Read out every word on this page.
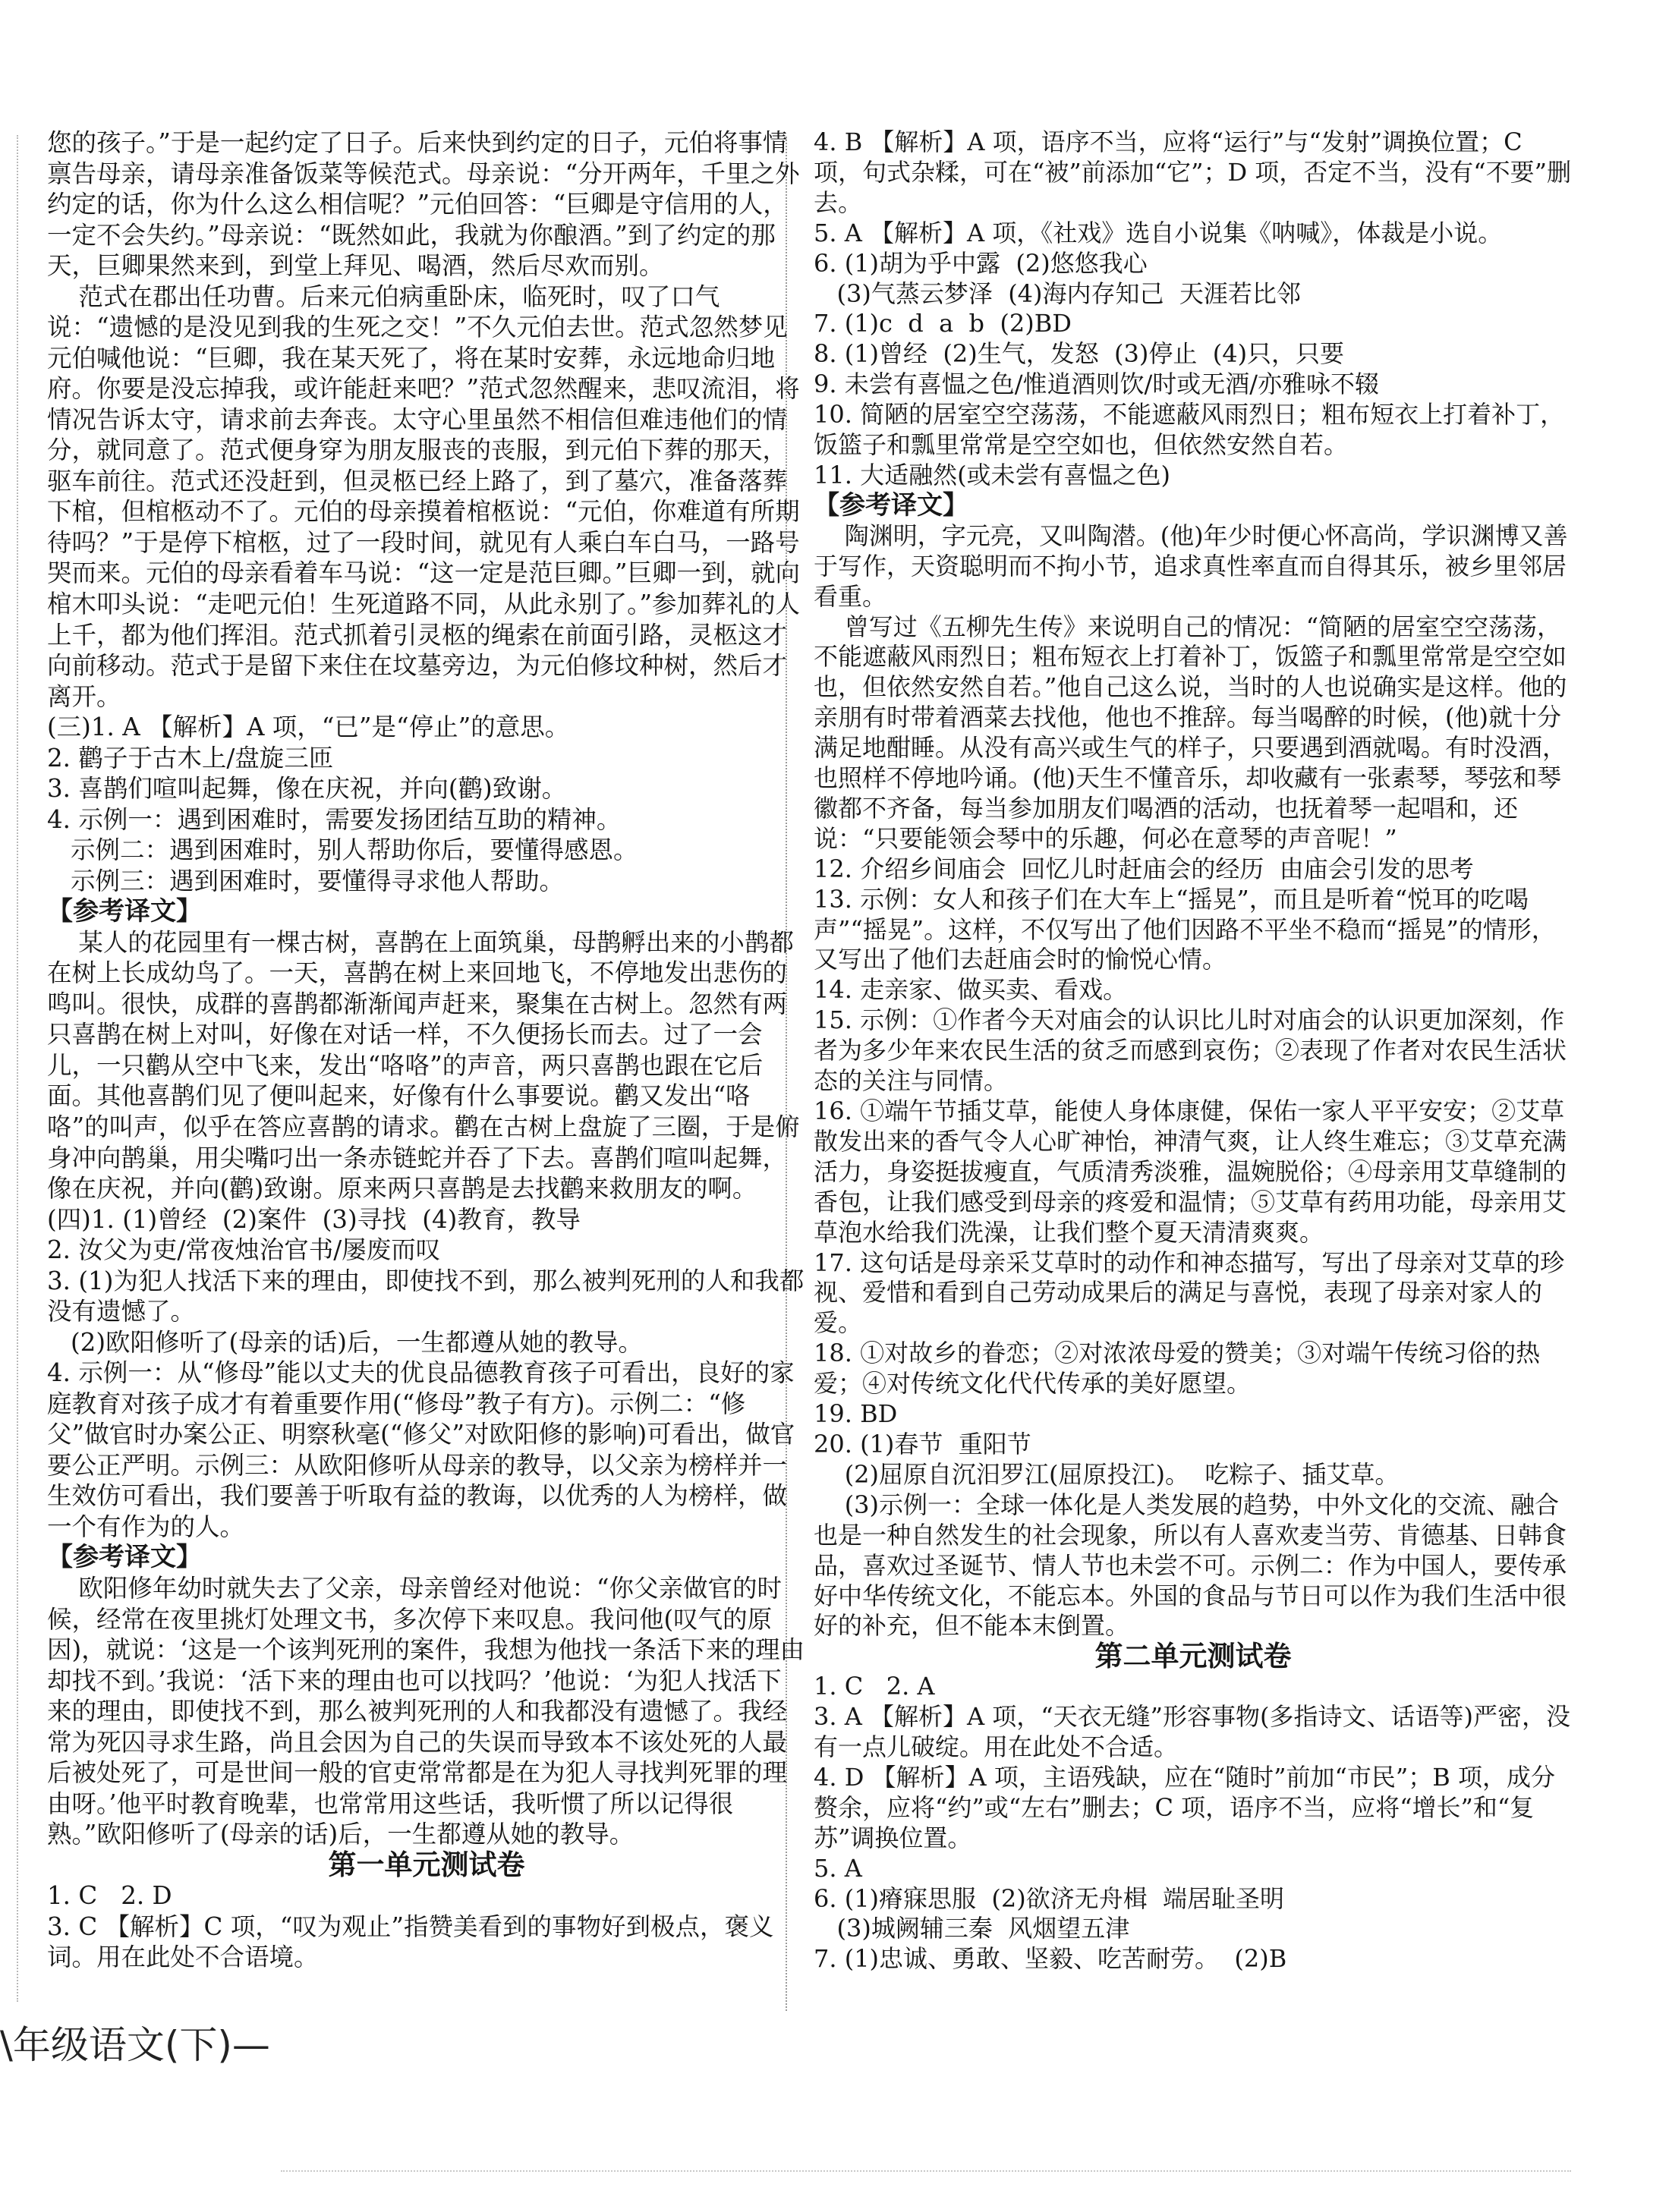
您的孩子。”于是一起约定了日子。后来快到约定的日子，元伯将事情禀告母亲，请母亲准备饭菜等候范式。母亲说：“分开两年，千里之外约定的话，你为什么这么相信呢？”元伯回答：“巨卿是守信用的人，一定不会失约。”母亲说：“既然如此，我就为你酿酒。”到了约定的那天，巨卿果然来到，到堂上拜见、喝酒，然后尽欢而别。

范式在郡出任功曹。后来元伯病重卧床，临死时，叹了口气说：“遗憾的是没见到我的生死之交！”不久元伯去世。范式忽然梦见元伯喊他说：“巨卿，我在某天死了，将在某时安葬，永远地命归地府。你要是没忘掉我，或许能赶来吧？”范式忽然醒来，悲叹流泪，将情况告诉太守，请求前去奔丧。太守心里虽然不相信但难违他们的情分，就同意了。范式便身穿为朋友服丧的丧服，到元伯下葬的那天，驱车前往。范式还没赶到，但灵柩已经上路了，到了墓穴，准备落葬下棺，但棺柩动不了。元伯的母亲摸着棺柩说：“元伯，你难道有所期待吗？”于是停下棺柩，过了一段时间，就见有人乘白车白马，一路号哭而来。元伯的母亲看着车马说：“这一定是范巨卿。”巨卿一到，就向棺木叩头说：“走吧元伯！生死道路不同，从此永别了。”参加葬礼的人上千，都为他们挥泪。范式抓着引灵柩的绳索在前面引路，灵柩这才向前移动。范式于是留下来住在坟墓旁边，为元伯修坟种树，然后才离开。

(三)1. A 【解析】A 项，“已”是“停止”的意思。

2. 鹳子于古木上/盘旋三匝

3. 喜鹊们喧叫起舞，像在庆祝，并向(鹳)致谢。

4. 示例一：遇到困难时，需要发扬团结互助的精神。

示例二：遇到困难时，别人帮助你后，要懂得感恩。

示例三：遇到困难时，要懂得寻求他人帮助。

【参考译文】

某人的花园里有一棵古树，喜鹊在上面筑巢，母鹊孵出来的小鹊都在树上长成幼鸟了。一天，喜鹊在树上来回地飞，不停地发出悲伤的鸣叫。很快，成群的喜鹊都渐渐闻声赶来，聚集在古树上。忽然有两只喜鹊在树上对叫，好像在对话一样，不久便扬长而去。过了一会儿，一只鹳从空中飞来，发出“咯咯”的声音，两只喜鹊也跟在它后面。其他喜鹊们见了便叫起来，好像有什么事要说。鹳又发出“咯咯”的叫声，似乎在答应喜鹊的请求。鹳在古树上盘旋了三圈，于是俯身冲向鹊巢，用尖嘴叼出一条赤链蛇并吞了下去。喜鹊们喧叫起舞，像在庆祝，并向(鹳)致谢。原来两只喜鹊是去找鹳来救朋友的啊。

(四)1. (1)曾经  (2)案件  (3)寻找  (4)教育，教导

2. 汝父为吏/常夜烛治官书/屡废而叹

3. (1)为犯人找活下来的理由，即使找不到，那么被判死刑的人和我都没有遗憾了。

(2)欧阳修听了(母亲的话)后，一生都遵从她的教导。

4. 示例一：从“修母”能以丈夫的优良品德教育孩子可看出，良好的家庭教育对孩子成才有着重要作用(“修母”教子有方)。示例二：“修父”做官时办案公正、明察秋毫(“修父”对欧阳修的影响)可看出，做官要公正严明。示例三：从欧阳修听从母亲的教导，以父亲为榜样并一生效仿可看出，我们要善于听取有益的教诲，以优秀的人为榜样，做一个有作为的人。

【参考译文】

欧阳修年幼时就失去了父亲，母亲曾经对他说：“你父亲做官的时候，经常在夜里挑灯处理文书，多次停下来叹息。我问他(叹气的原因)，就说：‘这是一个该判死刑的案件，我想为他找一条活下来的理由却找不到。’我说：‘活下来的理由也可以找吗？’他说：‘为犯人找活下来的理由，即使找不到，那么被判死刑的人和我都没有遗憾了。我经常为死囚寻求生路，尚且会因为自己的失误而导致本不该处死的人最后被处死了，可是世间一般的官吏常常都是在为犯人寻找判死罪的理由呀。’他平时教育晚辈，也常常用这些话，我听惯了所以记得很熟。”欧阳修听了(母亲的话)后，一生都遵从她的教导。

第一单元测试卷

1. C   2. D

3. C 【解析】C 项，“叹为观止”指赞美看到的事物好到极点，褒义词。用在此处不合语境。

4. B 【解析】A 项，语序不当，应将“运行”与“发射”调换位置；C 项，句式杂糅，可在“被”前添加“它”；D 项，否定不当，没有“不要”删去。

5. A 【解析】A 项，《社戏》选自小说集《呐喊》，体裁是小说。

6. (1)胡为乎中露  (2)悠悠我心

(3)气蒸云梦泽  (4)海内存知己  天涯若比邻

7. (1)c  d  a  b  (2)BD

8. (1)曾经  (2)生气，发怒  (3)停止  (4)只，只要

9. 未尝有喜愠之色/惟逍酒则饮/时或无酒/亦雅咏不辍

10. 简陋的居室空空荡荡，不能遮蔽风雨烈日；粗布短衣上打着补丁，饭篮子和瓢里常常是空空如也，但依然安然自若。

11. 大适融然(或未尝有喜愠之色)

【参考译文】

陶渊明，字元亮，又叫陶潜。(他)年少时便心怀高尚，学识渊博又善于写作，天资聪明而不拘小节，追求真性率直而自得其乐，被乡里邻居看重。

曾写过《五柳先生传》来说明自己的情况：“简陋的居室空空荡荡，不能遮蔽风雨烈日；粗布短衣上打着补丁，饭篮子和瓢里常常是空空如也，但依然安然自若。”他自己这么说，当时的人也说确实是这样。他的亲朋有时带着酒菜去找他，他也不推辞。每当喝醉的时候，(他)就十分满足地酣睡。从没有高兴或生气的样子，只要遇到酒就喝。有时没酒，也照样不停地吟诵。(他)天生不懂音乐，却收藏有一张素琴，琴弦和琴徽都不齐备，每当参加朋友们喝酒的活动，也抚着琴一起唱和，还说：“只要能领会琴中的乐趣，何必在意琴的声音呢！”

12. 介绍乡间庙会  回忆儿时赶庙会的经历  由庙会引发的思考

13. 示例：女人和孩子们在大车上“摇晃”，而且是听着“悦耳的吃喝声”“摇晃”。这样，不仅写出了他们因路不平坐不稳而“摇晃”的情形，又写出了他们去赶庙会时的愉悦心情。

14. 走亲家、做买卖、看戏。

15. 示例：①作者今天对庙会的认识比儿时对庙会的认识更加深刻，作者为多少年来农民生活的贫乏而感到哀伤；②表现了作者对农民生活状态的关注与同情。

16. ①端午节插艾草，能使人身体康健，保佑一家人平平安安；②艾草散发出来的香气令人心旷神怡，神清气爽，让人终生难忘；③艾草充满活力，身姿挺拔瘦直，气质清秀淡雅，温婉脱俗；④母亲用艾草缝制的香包，让我们感受到母亲的疼爱和温情；⑤艾草有药用功能，母亲用艾草泡水给我们洗澡，让我们整个夏天清清爽爽。

17. 这句话是母亲采艾草时的动作和神态描写，写出了母亲对艾草的珍视、爱惜和看到自己劳动成果后的满足与喜悦，表现了母亲对家人的爱。

18. ①对故乡的眷恋；②对浓浓母爱的赞美；③对端午传统习俗的热爱；④对传统文化代代传承的美好愿望。

19. BD

20. (1)春节  重阳节

(2)屈原自沉汨罗江(屈原投江)。  吃粽子、插艾草。

(3)示例一：全球一体化是人类发展的趋势，中外文化的交流、融合也是一种自然发生的社会现象，所以有人喜欢麦当劳、肯德基、日韩食品，喜欢过圣诞节、情人节也未尝不可。示例二：作为中国人，要传承好中华传统文化，不能忘本。外国的食品与节日可以作为我们生活中很好的补充，但不能本末倒置。

第二单元测试卷

1. C   2. A

3. A 【解析】A 项，“天衣无缝”形容事物(多指诗文、话语等)严密，没有一点儿破绽。用在此处不合适。

4. D 【解析】A 项，主语残缺，应在“随时”前加“市民”；B 项，成分赘余，应将“约”或“左右”删去；C 项，语序不当，应将“增长”和“复苏”调换位置。

5. A

6. (1)瘠寐思服  (2)欲济无舟楫  端居耻圣明

(3)城阙辅三秦  风烟望五津

7. (1)忠诚、勇敢、坚毅、吃苦耐劳。  (2)B

\年级语文(下)—
